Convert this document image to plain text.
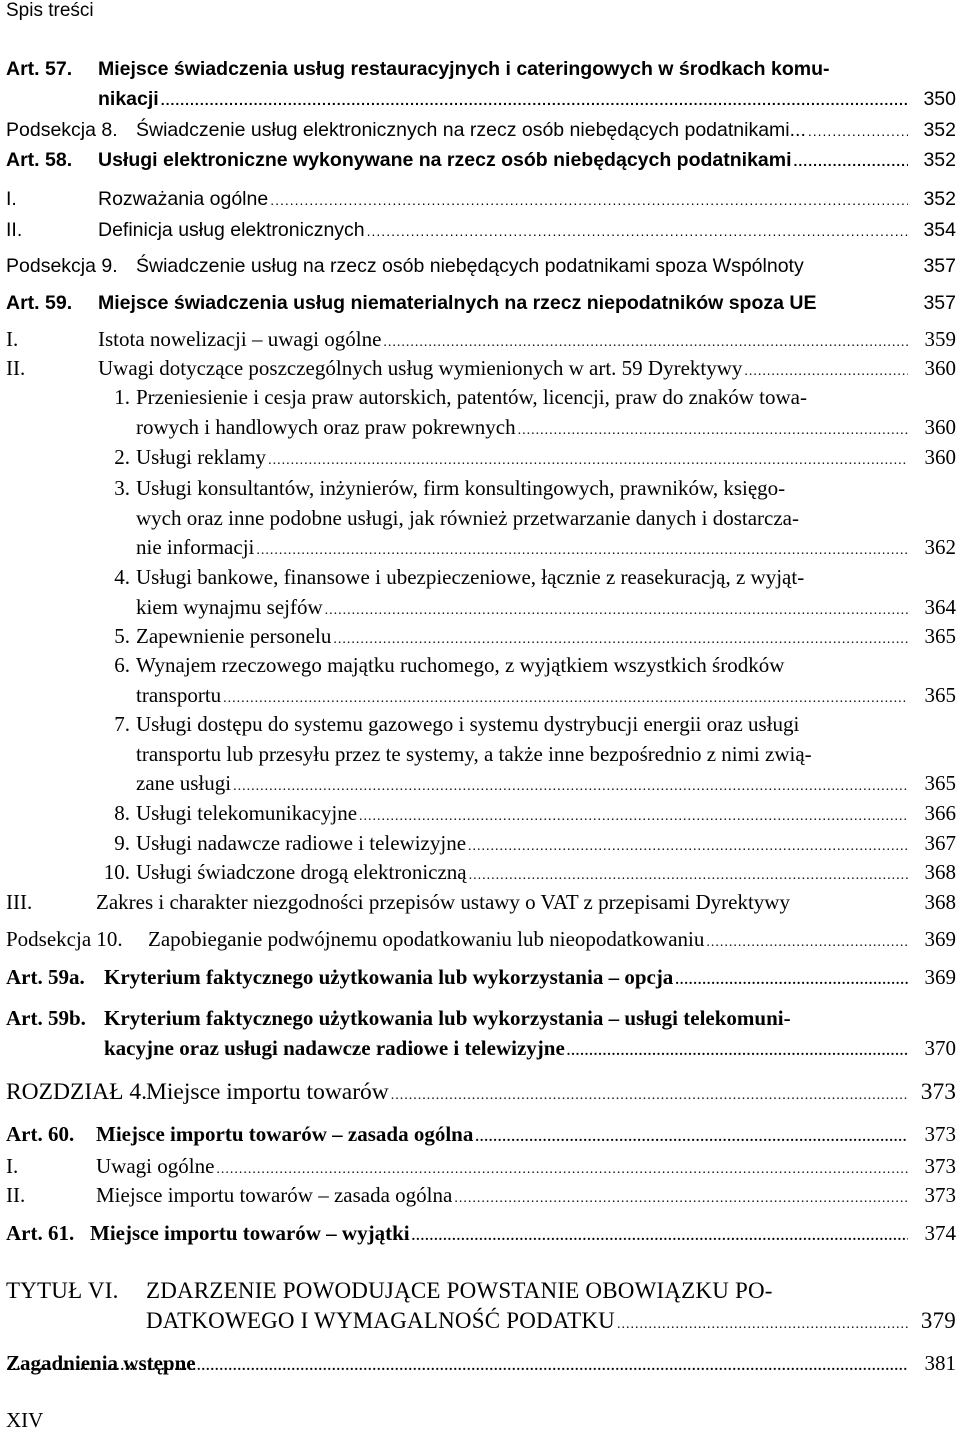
Spis treści
Art. 57.	Miejsce świadczenia usług restauracyjnych i cateringowych w środkach komu-
nikacji .....	350
Podsekcja 8. Świadczenie usług elektronicznych na rzecz osób niebędących podatnikami... .....	352
Art. 58.	Usługi elektroniczne wykonywane na rzecz osób niebędących podatnikami .....	352
I.	Rozważania ogólne .....	352
II.	Definicja usług elektronicznych .....	354
Podsekcja 9. Świadczenie usług na rzecz osób niebędących podatnikami spoza Wspólnoty	357
Art. 59.	Miejsce świadczenia usług niematerialnych na rzecz niepodatników spoza UE	357
I.	Istota nowelizacji – uwagi ogólne .....	359
II.	Uwagi dotyczące poszczególnych usług wymienionych w art. 59 Dyrektywy .....	360
1. Przeniesienie i cesja praw autorskich, patentów, licencji, praw do znaków towa-
rowych i handlowych oraz praw pokrewnych .....	360
2. Usługi reklamy .....	360
3. Usługi konsultantów, inżynierów, firm konsultingowych, prawników, księgo-
wych oraz inne podobne usługi, jak również przetwarzanie danych i dostarcza-
nie informacji .....	362
4. Usługi bankowe, finansowe i ubezpieczeniowe, łącznie z reasekuracją, z wyjąt-
kiem wynajmu sejfów .....	364
5. Zapewnienie personelu .....	365
6. Wynajem rzeczowego majątku ruchomego, z wyjątkiem wszystkich środków
transportu .....	365
7. Usługi dostępu do systemu gazowego i systemu dystrybucji energii oraz usługi
transportu lub przesyłu przez te systemy, a także inne bezpośrednio z nimi zwią-
zane usługi .....	365
8. Usługi telekomunikacyjne .....	366
9. Usługi nadawcze radiowe i telewizyjne .....	367
10. Usługi świadczone drogą elektroniczną .....	368
III.	Zakres i charakter niezgodności przepisów ustawy o VAT z przepisami Dyrektywy	368
Podsekcja 10.	Zapobieganie podwójnemu opodatkowaniu lub nieopodatkowaniu .....	369
Art. 59a. Kryterium faktycznego użytkowania lub wykorzystania – opcja .....	369
Art. 59b. Kryterium faktycznego użytkowania lub wykorzystania – usługi telekomuni-
kacyjne oraz usługi nadawcze radiowe i telewizyjne .....	370
ROZDZIAŁ 4. Miejsce importu towarów .....	373
Art. 60.	Miejsce importu towarów – zasada ogólna .....	373
I.	Uwagi ogólne .....	373
II.	Miejsce importu towarów – zasada ogólna .....	373
Art. 61. Miejsce importu towarów – wyjątki .....	374
TYTUŁ VI.	ZDARZENIE POWODUJĄCE POWSTANIE OBOWIĄZKU PO-
DATKOWEGO I WYMAGALNOŚĆ PODATKU .....	379
Zagadnienia wstępne .....	381
XIV
